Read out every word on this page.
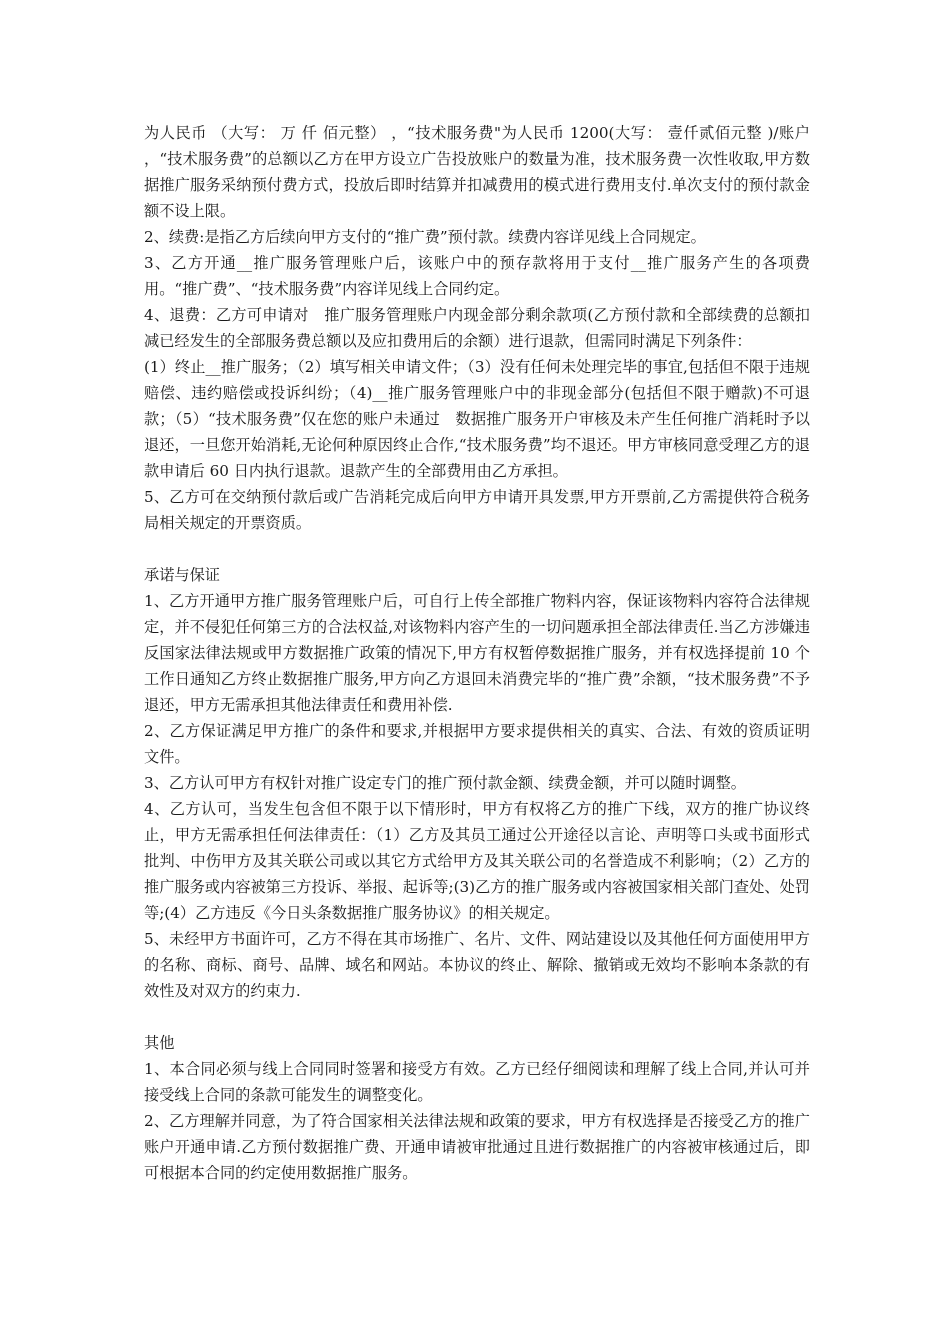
为人民币 （大写： 万 仟 佰元整） ，“技术服务费"为人民币 1200(大写： 壹仟贰佰元整 )/账户 ，“技术服务费”的总额以乙方在甲方设立广告投放账户的数量为准，技术服务费一次性收取,甲方数据推广服务采纳预付费方式，投放后即时结算并扣减费用的模式进行费用支付.单次支付的预付款金额不设上限。

2、续费:是指乙方后续向甲方支付的“推广费”预付款。续费内容详见线上合同规定。

3、乙方开通__推广服务管理账户后，该账户中的预存款将用于支付__推广服务产生的各项费用。“推广费”、“技术服务费”内容详见线上合同约定。

4、退费：乙方可申请对　推广服务管理账户内现金部分剩余款项(乙方预付款和全部续费的总额扣减已经发生的全部服务费总额以及应扣费用后的余额）进行退款，但需同时满足下列条件：

(1）终止__推广服务；（2）填写相关申请文件；（3）没有任何未处理完毕的事宜,包括但不限于违规赔偿、违约赔偿或投诉纠纷；（4)__推广服务管理账户中的非现金部分(包括但不限于赠款)不可退款；（5）“技术服务费”仅在您的账户未通过　数据推广服务开户审核及未产生任何推广消耗时予以退还，一旦您开始消耗,无论何种原因终止合作,“技术服务费”均不退还。甲方审核同意受理乙方的退款申请后 60 日内执行退款。退款产生的全部费用由乙方承担。

5、乙方可在交纳预付款后或广告消耗完成后向甲方申请开具发票,甲方开票前,乙方需提供符合税务局相关规定的开票资质。

承诺与保证

1、乙方开通甲方推广服务管理账户后，可自行上传全部推广物料内容，保证该物料内容符合法律规定，并不侵犯任何第三方的合法权益,对该物料内容产生的一切问题承担全部法律责任.当乙方涉嫌违反国家法律法规或甲方数据推广政策的情况下,甲方有权暂停数据推广服务，并有权选择提前 10 个工作日通知乙方终止数据推广服务,甲方向乙方退回未消费完毕的“推广费”余额，“技术服务费”不予退还，甲方无需承担其他法律责任和费用补偿.

2、乙方保证满足甲方推广的条件和要求,并根据甲方要求提供相关的真实、合法、有效的资质证明文件。

3、乙方认可甲方有权针对推广设定专门的推广预付款金额、续费金额，并可以随时调整。

4、乙方认可，当发生包含但不限于以下情形时，甲方有权将乙方的推广下线，双方的推广协议终止，甲方无需承担任何法律责任：（1）乙方及其员工通过公开途径以言论、声明等口头或书面形式批判、中伤甲方及其关联公司或以其它方式给甲方及其关联公司的名誉造成不利影响；（2）乙方的推广服务或内容被第三方投诉、举报、起诉等;(3)乙方的推广服务或内容被国家相关部门查处、处罚等;(4）乙方违反《今日头条数据推广服务协议》的相关规定。

5、未经甲方书面许可，乙方不得在其市场推广、名片、文件、网站建设以及其他任何方面使用甲方的名称、商标、商号、品牌、域名和网站。本协议的终止、解除、撤销或无效均不影响本条款的有效性及对双方的约束力.

其他

1、本合同必须与线上合同同时签署和接受方有效。乙方已经仔细阅读和理解了线上合同,并认可并接受线上合同的条款可能发生的调整变化。

2、乙方理解并同意，为了符合国家相关法律法规和政策的要求，甲方有权选择是否接受乙方的推广账户开通申请.乙方预付数据推广费、开通申请被审批通过且进行数据推广的内容被审核通过后，即可根据本合同的约定使用数据推广服务。
